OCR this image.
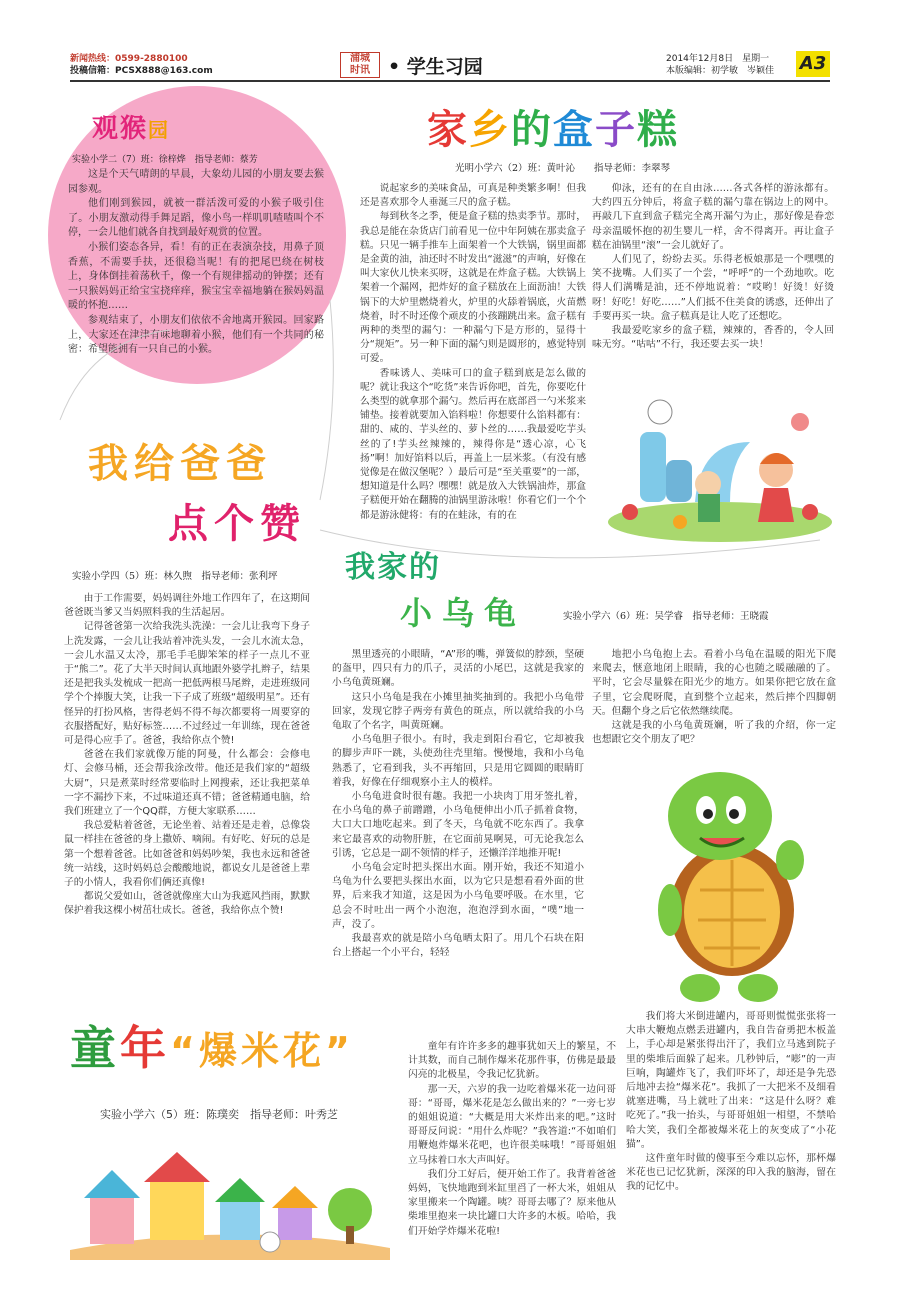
新闻热线：0599-2880100
投稿信箱：PCSX888@163.com
浦城
时讯 • 学生习园	2014年12月8日　 星期一
本版编辑：初学敏　岑颖佳 A3
观猴园
实验小学二（7）班：徐梓烨　指导老师：蔡芳

这是个天气晴朗的早晨，大象幼儿园的小朋友要去猴园参观。

他们刚到猴园，就被一群活泼可爱的小猴子吸引住了。小朋友激动得手舞足蹈，像小鸟一样叽叽喳喳叫个不停，一会儿他们就各自找到最好观赏的位置。

小猴们姿态各异，看！有的正在表演杂技，用鼻子顶香蕉，不需要手扶，还很稳当呢！有的把尾巴绕在树枝上，身体倒挂着荡秋千，像一个有规律摇动的钟摆；还有一只猴妈妈正给宝宝挠痒痒，猴宝宝幸福地躺在猴妈妈温暖的怀抱……

参观结束了，小朋友们依依不舍地离开猴园。回家路上，大家还在津津有味地聊着小猴，他们有一个共同的秘密：希望能拥有一只自己的小猴。

家乡的盒子糕
光明小学六（2）班：黄叶沁　　指导老师：李翠琴

说起家乡的美味食品，可真是种类繁多啊！但我还是喜欢那令人垂涎三尺的盒子糕。

每到秋冬之季，便是盒子糕的热卖季节。那时，我总是能在杂货店门前看见一位中年阿姨在那卖盒子糕。只见一辆手推车上面架着一个大铁锅，锅里面都是金黄的油，油还时不时发出“滋滋”的声响，好像在叫大家伙儿快来买呀，这就是在炸盒子糕。大铁锅上架着一个漏网，把炸好的盒子糕放在上面沥油！大铁锅下的大炉里燃烧着火，炉里的火舔着锅底，火苗燃烧着，时不时还像个顽皮的小孩蹦跳出来。盒子糕有两种的类型的漏勺：一种漏勺下是方形的，显得十分“规矩”。另一种下面的漏勺则是圆形的，感觉特别可爱。

香味诱人、美味可口的盒子糕到底是怎么做的呢？就让我这个“吃货”来告诉你吧，首先，你要吃什么类型的就拿那个漏勺。然后再在底部舀一勺米浆来铺垫。接着就要加入馅料啦！你想要什么馅料都有：甜的、咸的、芋头丝的、萝卜丝的……我最爱吃芋头丝的了!芋头丝辣辣的，辣得你是“透心凉，心飞扬”啊！加好馅料以后，再盖上一层米浆。（有没有感觉像是在做汉堡呢？）最后可是“至关重要”的一部，想知道是什么吗？嘿嘿！就是放入大铁锅油炸，那盒子糕便开始在翻腾的油锅里游泳啦！你看它们一个个都是游泳健将：有的在蛙泳，有的在

仰泳，还有的在自由泳……各式各样的游泳都有。大约四五分钟后，将盒子糕的漏勺靠在锅边上的网中。再敲几下直到盒子糕完全离开漏勺为止，那好像是眷恋母亲温暖怀抱的初生婴儿一样，舍不得离开。再让盒子糕在油锅里“滚”一会儿就好了。

人们见了，纷纷去买。乐得老板娘那是一个嘿嘿的笑不拢嘴。人们买了一个尝，“呼呼”的一个劲地吹。吃得人们满嘴是油，还不停地说着：“哎哟！好烫！好烫呀！好吃！好吃……”人们抵不住美食的诱惑，还伸出了手要再买一块。盒子糕真是让人吃了还想吃。

我最爱吃家乡的盒子糕，辣辣的，香香的，令人回味无穷。“咕咕”不行，我还要去买一块！

我给爸爸
点个赞
实验小学四（5）班：林久煦　指导老师：张利坪

由于工作需要，妈妈调往外地工作四年了，在这期间爸爸既当爹又当妈照料我的生活起居。

记得爸爸第一次给我洗头洗澡：一会儿让我弯下身子上洗发露，一会儿让我站着冲洗头发，一会儿水流太急，一会儿水温又太冷，那毛手毛脚笨笨的样子一点儿不亚于“熊二”。花了大半天时间认真地跟外婆学扎辫子，结果还是把我头发梳成一把高一把低两根马尾辫，走进班级同学个个捧腹大笑，让我一下子成了班级“超级明星”。还有怪异的打扮风格，害得老妈不得不每次都要将一周要穿的衣服搭配好，贴好标签……不过经过一年训练，现在爸爸可是得心应手了。爸爸，我给你点个赞!

爸爸在我们家就像万能的阿曼，什么都会：会修电灯、会修马桶，还会帮我涂改带。他还是我们家的“超级大厨”，只是煮菜时经常要临时上网搜索，还让我把菜单一字不漏抄下来，不过味道还真不错；爸爸精通电脑，给我们班建立了一个QQ群，方便大家联系……

我总爱粘着爸爸，无论坐着、站着还是走着，总像袋鼠一样挂在爸爸的身上撒娇、嘀闹。有好吃、好玩的总是第一个想着爸爸。比如爸爸和妈妈吵架，我也永远和爸爸统一站线，这时妈妈总会酸酸地说，都说女儿是爸爸上辈子的小情人，我看你们俩还真像!

都说父爱如山，爸爸就像座大山为我遮风挡雨，默默保护着我这棵小树茁壮成长。爸爸，我给你点个赞!

我家的
小乌龟	实验小学六（6）班：吴学睿　指导老师：王晓霞

黑里透亮的小眼睛，“A”形的嘴，弹簧似的脖颈，坚硬的盔甲，四只有力的爪子，灵活的小尾巴，这就是我家的小乌龟黄斑斓。

这只小乌龟是我在小摊里抽奖抽到的。我把小乌龟带回家，发现它脖子两旁有黄色的斑点，所以就给我的小乌龟取了个名字，叫黄斑斓。

小乌龟胆子很小。有时，我走到阳台看它，它却被我的脚步声吓一跳，头使劲往壳里缩。慢慢地，我和小乌龟熟悉了，它看到我，头不再缩回，只是用它圆圆的眼睛盯着我，好像在仔细观察小主人的模样。

小乌龟进食时很有趣。我把一小块肉丁用牙签扎着，在小乌龟的鼻子前蹭蹭，小乌龟便伸出小爪子抓着食物，大口大口地吃起来。到了冬天，乌龟就不吃东西了。我拿来它最喜欢的动物肝脏，在它面前晃啊晃，可无论我怎么引诱，它总是一副不领情的样子，还懒洋洋地推开呢!

小乌龟会定时把头探出水面。刚开始，我还不知道小乌龟为什么要把头探出水面，以为它只是想看看外面的世界，后来我才知道，这是因为小乌龟要呼吸。在水里，它总会不时吐出一两个小泡泡，泡泡浮到水面，“噗”地一声，没了。

我最喜欢的就是陪小乌龟晒太阳了。用几个石块在阳台上搭起一个小平台，轻轻

地把小乌龟抱上去。看着小乌龟在温暖的阳光下爬来爬去，惬意地闭上眼睛，我的心也随之暖融融的了。平时，它会尽量躲在阳光少的地方。如果你把它放在盒子里，它会爬呀爬，直到整个立起来，然后摔个四脚朝天。但翻个身之后它依然继续爬。

这就是我的小乌龟黄斑斓，听了我的介绍，你一定也想跟它交个朋友了吧？

童年“爆米花”
实验小学六（5）班：陈璞奕　指导老师：叶秀芝

童年有许许多多的趣事犹如天上的繁星，不计其数，而自己制作爆米花那件事，仿佛是最最闪亮的北极星，令我记忆犹新。

那一天，六岁的我一边吃着爆米花一边问哥哥：“哥哥，爆米花是怎么做出来的？”一旁七岁的姐姐说道：“大概是用大米炸出来的吧。”这时哥哥反问说：“用什么炸呢？”我答道:“不如咱们用鞭炮炸爆米花吧，也许很美味哦！”哥哥姐姐立马抹着口水大声叫好。

我们分工好后，便开始工作了。我背着爸爸妈妈，飞快地跑到米缸里舀了一杯大米，姐姐从家里搬来一个陶罐。咦？哥哥去哪了？原来他从柴堆里抱来一块比罐口大许多的木板。哈哈，我们开始学炸爆米花啦!

我们将大米倒进罐内，哥哥则慌慌张张将一大串大鞭炮点燃丢进罐内，我自告奋勇把木板盖上，手心却是紧张得出汗了，我们立马逃到院子里的柴堆后面躲了起来。几秒钟后，“嘭”的一声巨响，陶罐炸飞了，我们吓坏了，却还是争先恐后地冲去捡“爆米花”。我抓了一大把米不及细看就塞进嘴，马上就吐了出来：“这是什么呀？难吃死了。”我一抬头，与哥哥姐姐一相望，不禁哈哈大笑，我们全都被爆米花上的灰变成了“小花猫”。

这件童年时做的傻事至今难以忘怀，那杯爆米花也已记忆犹新，深深的印入我的脑海，留在我的记忆中。
